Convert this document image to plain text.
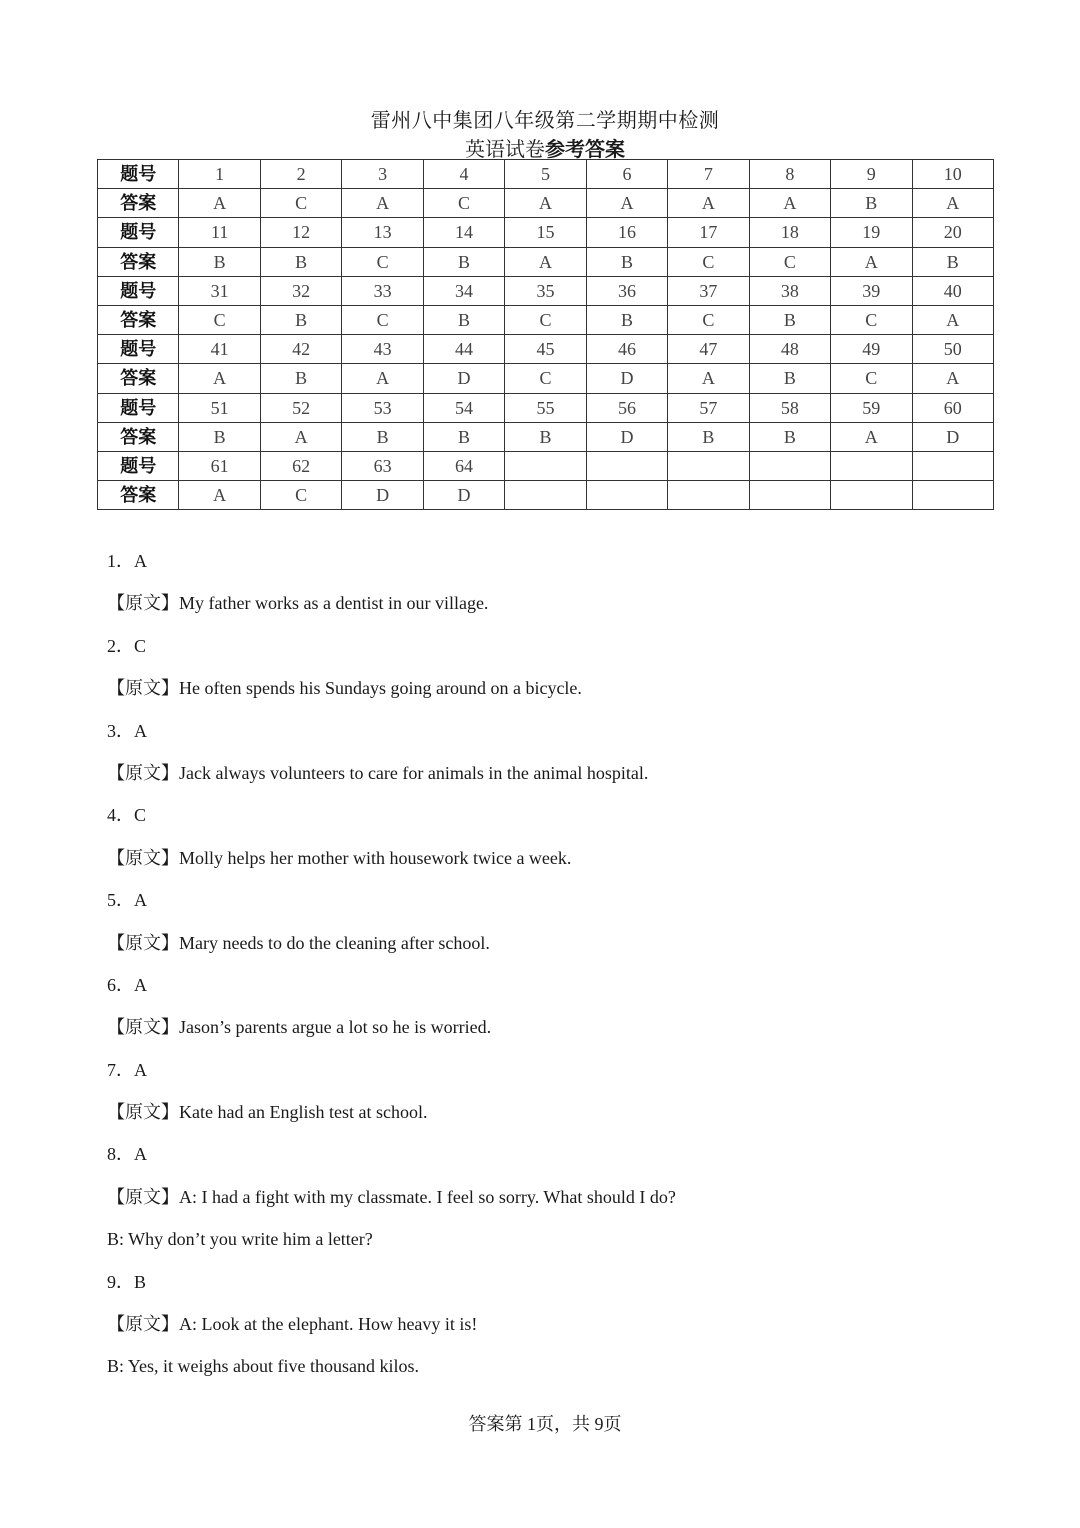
雷州八中集团八年级第二学期期中检测
英语试卷参考答案
题号	1	2	3	4	5	6	7	8	9	10
答案	A	C	A	C	A	A	A	A	B	A
题号	11	12	13	14	15	16	17	18	19	20
答案	B	B	C	B	A	B	C	C	A	B
题号	31	32	33	34	35	36	37	38	39	40
答案	C	B	C	B	C	B	C	B	C	A
题号	41	42	43	44	45	46	47	48	49	50
答案	A	B	A	D	C	D	A	B	C	A
题号	51	52	53	54	55	56	57	58	59	60
答案	B	A	B	B	B	D	B	B	A	D
题号	61	62	63	64						
答案	A	C	D	D						
1．A
【原文】My father works as a dentist in our village.
2．C
【原文】He often spends his Sundays going around on a bicycle.
3．A
【原文】Jack always volunteers to care for animals in the animal hospital.
4．C
【原文】Molly helps her mother with housework twice a week.
5．A
【原文】Mary needs to do the cleaning after school.
6．A
【原文】Jason’s parents argue a lot so he is worried.
7．A
【原文】Kate had an English test at school.
8．A
【原文】A: I had a fight with my classmate. I feel so sorry. What should I do?
B: Why don’t you write him a letter?
9．B
【原文】A: Look at the elephant. How heavy it is!
B: Yes, it weighs about five thousand kilos.
答案第 1页，共 9页
